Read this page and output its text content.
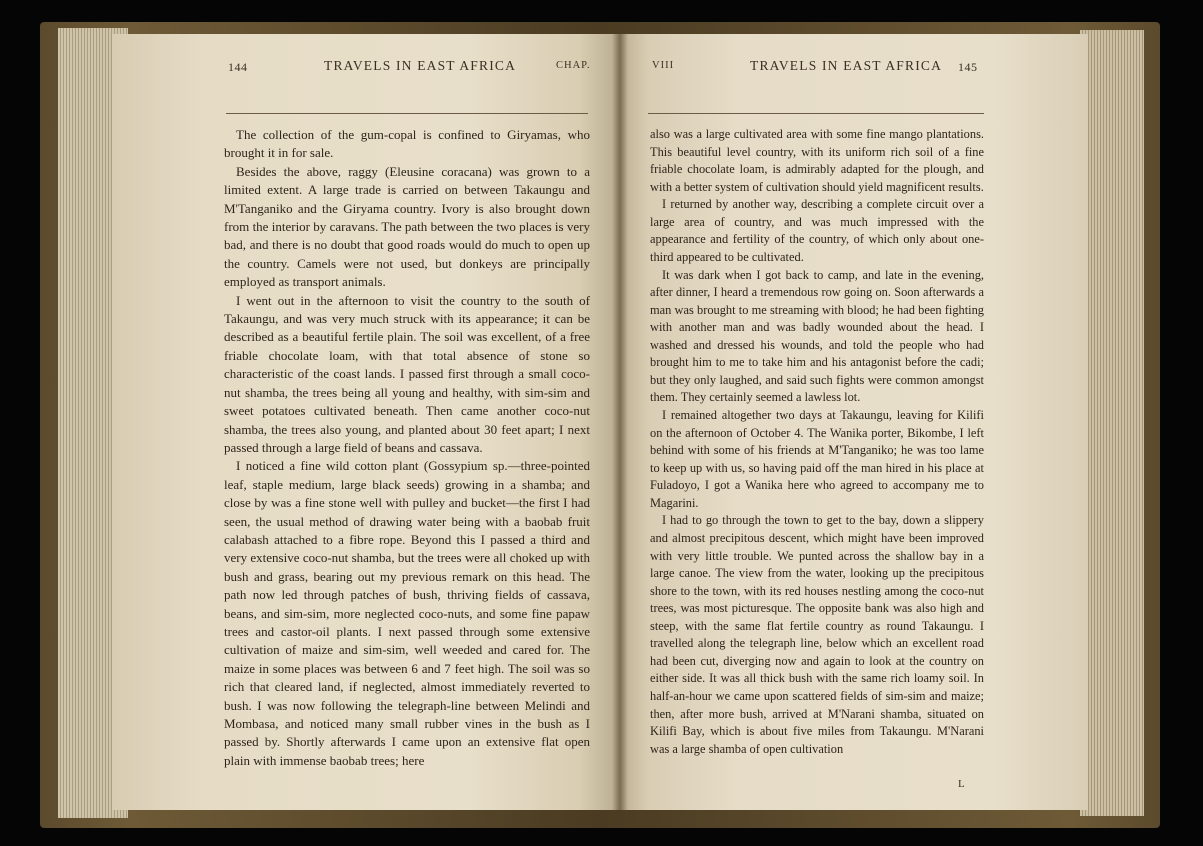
144	TRAVELS IN EAST AFRICA	CHAP.

The collection of the gum-copal is confined to Giryamas, who brought it in for sale.

Besides the above, raggy (Eleusine coracana) was grown to a limited extent. A large trade is carried on between Takaungu and M'Tanganiko and the Giryama country. Ivory is also brought down from the interior by caravans. The path between the two places is very bad, and there is no doubt that good roads would do much to open up the country. Camels were not used, but donkeys are principally employed as transport animals.

I went out in the afternoon to visit the country to the south of Takaungu, and was very much struck with its appearance; it can be described as a beautiful fertile plain. The soil was excellent, of a free friable chocolate loam, with that total absence of stone so characteristic of the coast lands. I passed first through a small coco-nut shamba, the trees being all young and healthy, with sim-sim and sweet potatoes cultivated beneath. Then came another coco-nut shamba, the trees also young, and planted about 30 feet apart; I next passed through a large field of beans and cassava.

I noticed a fine wild cotton plant (Gossypium sp.—three-pointed leaf, staple medium, large black seeds) growing in a shamba; and close by was a fine stone well with pulley and bucket—the first I had seen, the usual method of drawing water being with a baobab fruit calabash attached to a fibre rope. Beyond this I passed a third and very extensive coco-nut shamba, but the trees were all choked up with bush and grass, bearing out my previous remark on this head. The path now led through patches of bush, thriving fields of cassava, beans, and sim-sim, more neglected coco-nuts, and some fine papaw trees and castor-oil plants. I next passed through some extensive cultivation of maize and sim-sim, well weeded and cared for. The maize in some places was between 6 and 7 feet high. The soil was so rich that cleared land, if neglected, almost immediately reverted to bush. I was now following the telegraph-line between Melindi and Mombasa, and noticed many small rubber vines in the bush as I passed by. Shortly afterwards I came upon an extensive flat open plain with immense baobab trees; here

VIII	TRAVELS IN EAST AFRICA 145

also was a large cultivated area with some fine mango plantations. This beautiful level country, with its uniform rich soil of a fine friable chocolate loam, is admirably adapted for the plough, and with a better system of cultivation should yield magnificent results.

I returned by another way, describing a complete circuit over a large area of country, and was much impressed with the appearance and fertility of the country, of which only about one-third appeared to be cultivated.

It was dark when I got back to camp, and late in the evening, after dinner, I heard a tremendous row going on. Soon afterwards a man was brought to me streaming with blood; he had been fighting with another man and was badly wounded about the head. I washed and dressed his wounds, and told the people who had brought him to me to take him and his antagonist before the cadi; but they only laughed, and said such fights were common amongst them. They certainly seemed a lawless lot.

I remained altogether two days at Takaungu, leaving for Kilifi on the afternoon of October 4. The Wanika porter, Bikombe, I left behind with some of his friends at M'Tanganiko; he was too lame to keep up with us, so having paid off the man hired in his place at Fuladoyo, I got a Wanika here who agreed to accompany me to Magarini.

I had to go through the town to get to the bay, down a slippery and almost precipitous descent, which might have been improved with very little trouble. We punted across the shallow bay in a large canoe. The view from the water, looking up the precipitous shore to the town, with its red houses nestling among the coco-nut trees, was most picturesque. The opposite bank was also high and steep, with the same flat fertile country as round Takaungu. I travelled along the telegraph line, below which an excellent road had been cut, diverging now and again to look at the country on either side. It was all thick bush with the same rich loamy soil. In half-an-hour we came upon scattered fields of sim-sim and maize; then, after more bush, arrived at M'Narani shamba, situated on Kilifi Bay, which is about five miles from Takaungu. M'Narani was a large shamba of open cultivation

L
